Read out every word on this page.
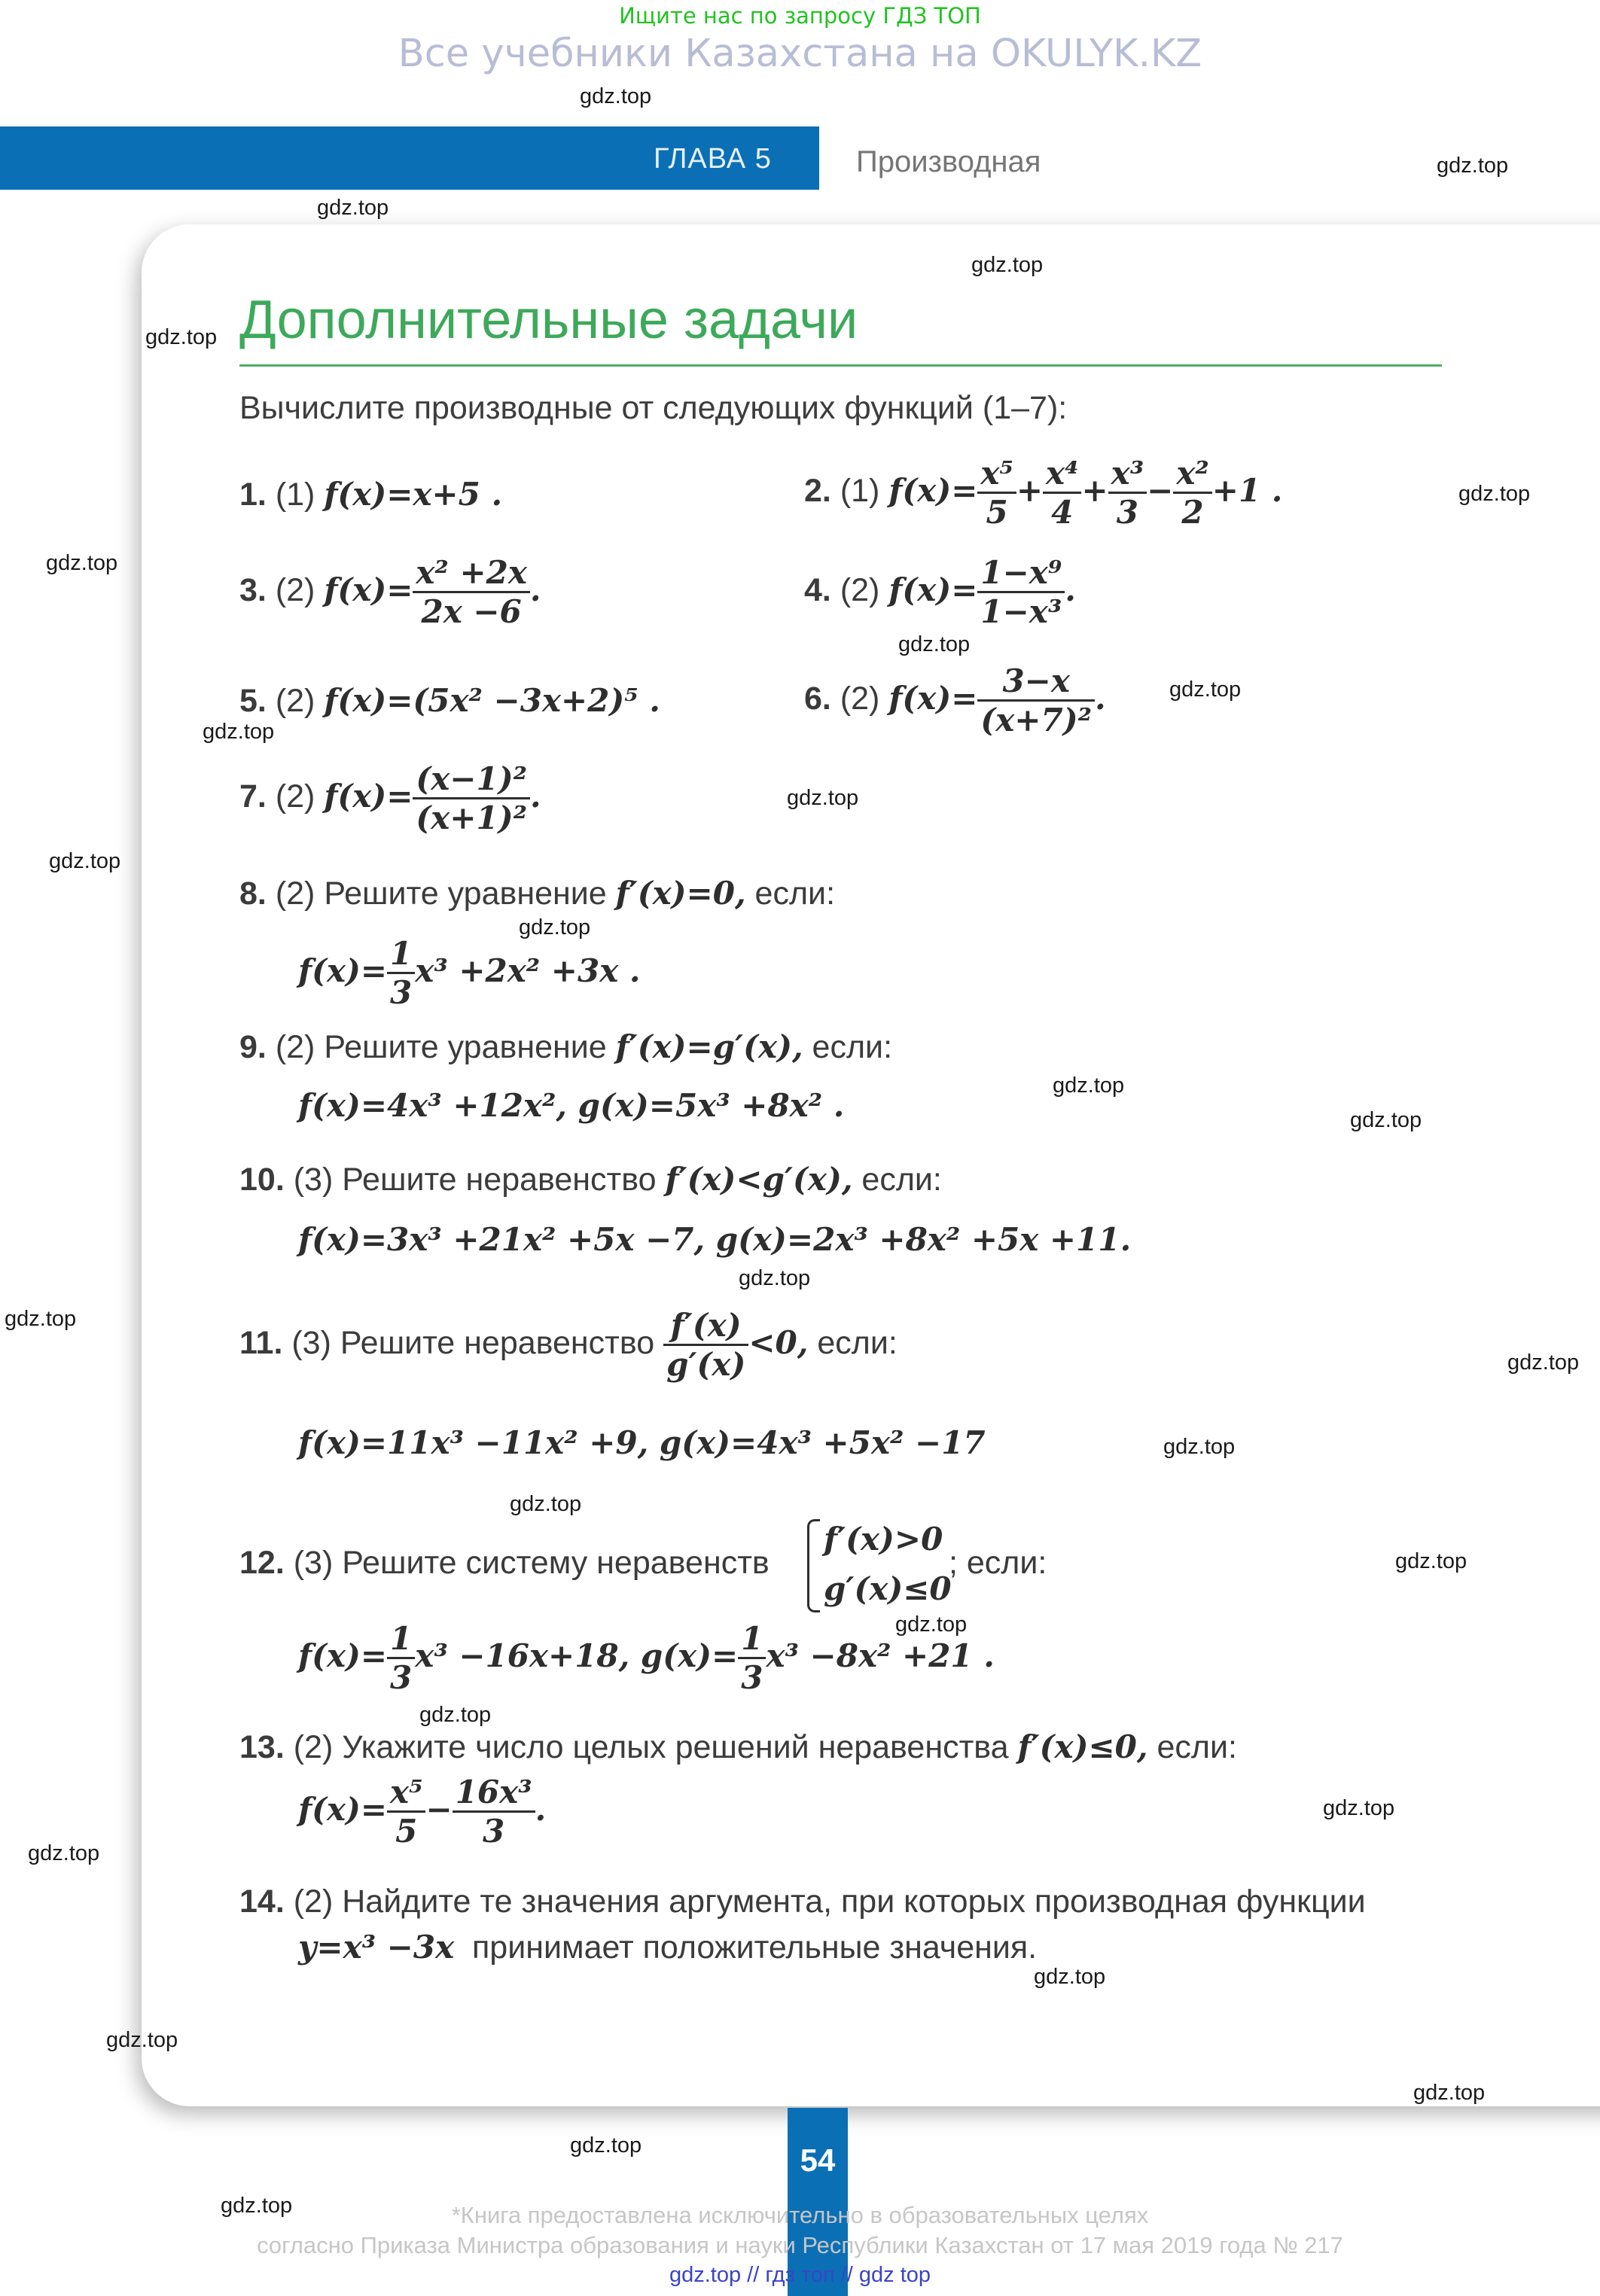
Ищите нас по запросу ГДЗ ТОП
Все учебники Казахстана на OKULYK.KZ
ГЛАВА 5	Производная
Дополнительные задачи
Вычислите производные от следующих функций (1–7):
1. (1) f(x)=x+5 .	2. (1) $f(x)= \frac{\text{x⁵}}{5} + \frac{\text{x⁴}}{4} + \frac{\text{x³}}{3} - \frac{\text{x²}}{2} +1$ .
3. (2) $f(x)= \frac{\text{x² +2x}}{2x -6}$ .	4. (2) $f(x)= \frac{\text{1−x⁹}}{\text{1−x³}}$ .
5. (2) f(x)=(5x² −3x+2)⁵ .	6. (2) $f(x)= \frac{3-x}{\text{(x+7)²}}$ .
7. (2) $f(x)= \frac{\text{(x−1)²}}{\text{(x+1)²}}$ .
8. (2) Решите уравнение f′(x)=0, если:
$f(x)= \frac{1}{3} x^3 +2x^2 +3x$ .
9. (2) Решите уравнение f′(x)=g′(x), если:
f(x)=4x³ +12x², g(x)=5x³ +8x² .
10. (3) Решите неравенство f′(x)<g′(x), если:
f(x)=3x³ +21x² +5x −7, g(x)=2x³ +8x² +5x +11.
11. (3) Решите неравенство $\frac{f'(x)}{g'(x)} <0$, если:
f(x)=11x³ −11x² +9, g(x)=4x³ +5x² −17
12. (3) Решите систему неравенств
f′(x)>0
g′(x)≤0
; если:
$f(x)= \frac{1}{3} x^3 -16x+18$, $g(x)= \frac{1}{3} x^3 -8x^2 +21$ .
13. (2) Укажите число целых решений неравенства f′(x)≤0, если:
$f(x)= \frac{\text{x⁵}}{5} - \frac{\text{16x³}}{3}$ .
14. (2) Найдите те значения аргумента, при которых производная функции
y=x³ −3x принимает положительные значения.
54
*Книга предоставлена исключительно в образовательных целях
согласно Приказа Министра образования и науки Республики Казахстан от 17 мая 2019 года № 217
gdz.top // гдз топ // gdz top
gdz.top
gdz.top
gdz.top
gdz.top
gdz.top
gdz.top
gdz.top
gdz.top
gdz.top
gdz.top
gdz.top
gdz.top
gdz.top
gdz.top
gdz.top
gdz.top
gdz.top
gdz.top
gdz.top
gdz.top
gdz.top
gdz.top
gdz.top
gdz.top
gdz.top
gdz.top
gdz.top
gdz.top
gdz.top
gdz.top
